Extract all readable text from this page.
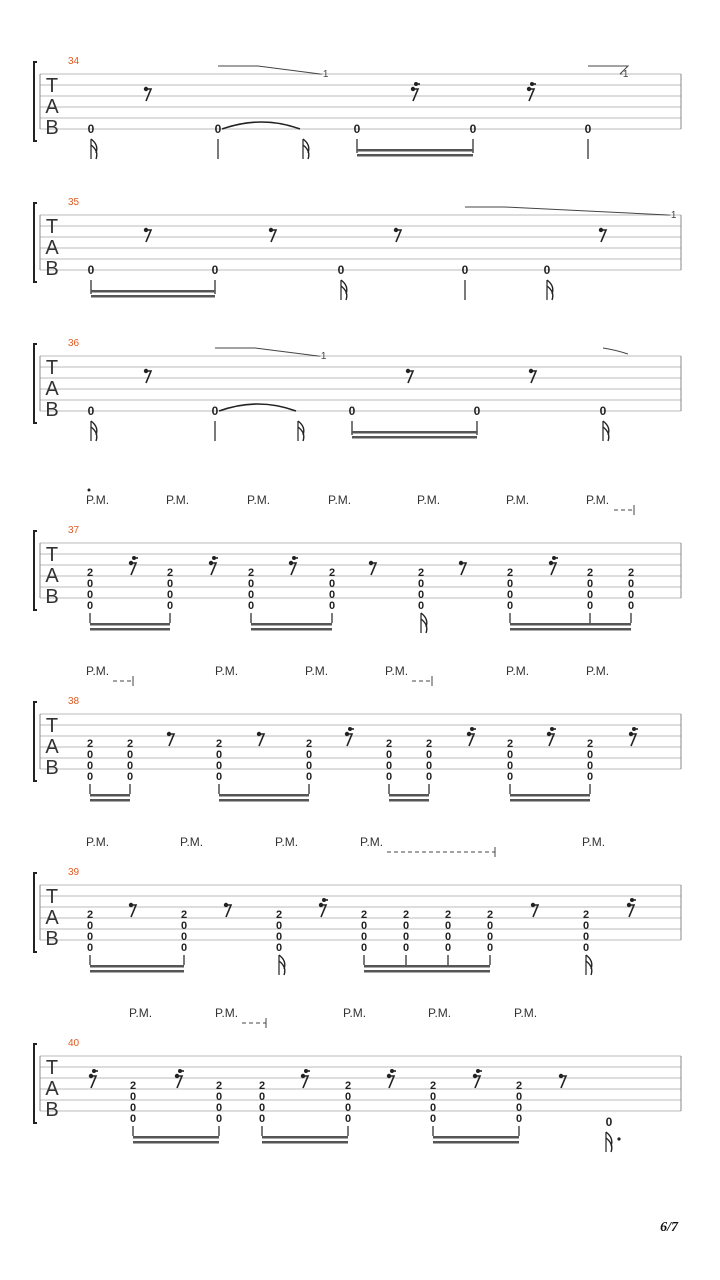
T
A
B
34
-1	-1
0	0	0	0	0
T
A
B
35
-1
0	0	0	0	0
T
A
B
36
-1
0	0	0	0	0
T
A
B
37
P.M.	P.M.	P.M.	P.M.	P.M.	P.M.	P.M.
2
0
0
0
2
0
0
0
2
0
0
0
2
0
0
0
2
0
0
0
2
0
0
0
2
0
0
0
2
0
0
0
T
A
B
38
P.M.	P.M.	P.M.	P.M.	P.M.	P.M.
2
0
0
0
2
0
0
0
2
0
0
0
2
0
0
0
2
0
0
0
2
0
0
0
2
0
0
0
2
0
0
0
T
A
B
39
P.M.	P.M.	P.M.	P.M.	P.M.
2
0
0
0
2
0
0
0
2
0
0
0
2
0
0
0
2
0
0
0
2
0
0
0
2
0
0
0
2
0
0
0
T
A
B
40
P.M.	P.M.	P.M.	P.M.	P.M.
2
0
0
0
2
0
0
0
2
0
0
0
2
0
0
0
2
0
0
0
2
0
0
0	0
6/7
